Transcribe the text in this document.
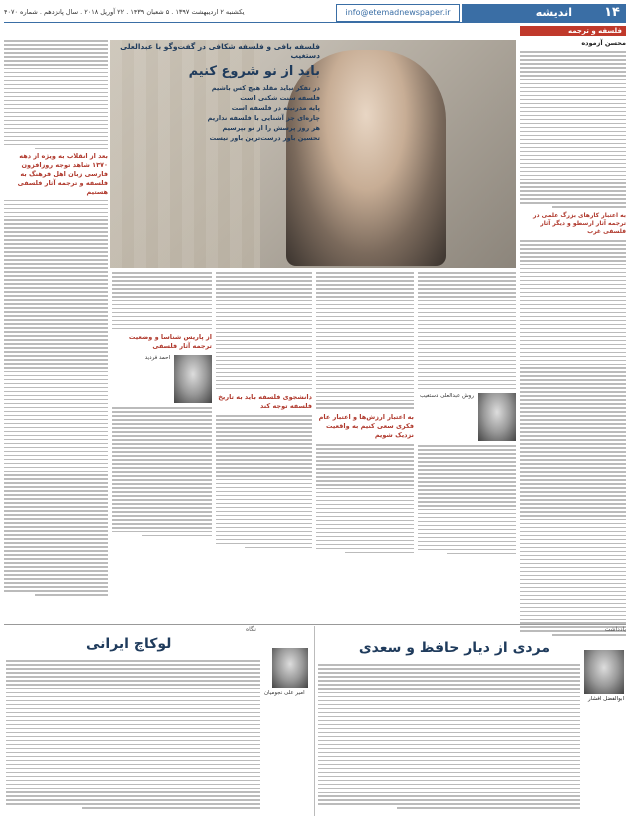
۱۴
اندیشه
info@etemadnewspaper.ir
یکشنبه ۲ اردیبهشت ۱۳۹۷ . ۵ شعبان ۱۴۳۹ . ۲۲ آوریل ۲۰۱۸ . سال پانزدهم . شماره ۴۰۷۰
فلسفه و ترجمه
محسن آزموده
به اعتبار کارهای بزرگ علمی در ترجمه آثار ارسطو و دیگر آثار فلسفی غرب
فلسفه بافی و فلسفه شکافی در گفت‌وگو با عبدالعلی دستغیب
باید از نو شروع کنیم
در تفکر نباید مقلد هیچ کس باشیم
فلسفه سنت شکنی است
پایه مدرنیته در فلسفه است
چاره‌ای جز آشنایی با فلسفه نداریم
هر روز پرسش را از نو بپرسیم
تحسین باور درست‌ترین باور نیست
بعد از انقلاب به ویژه از دهه ۱۳۷۰ شاهد توجه روزافزون فارسی زبان اهل فرهنگ به فلسفه و ترجمه آثار فلسفی هستیم
از پاریس شناسا و وضعیت ترجمه آثار فلسفی
احمد فردید
دانشجوی فلسفه باید به تاریخ فلسفه توجه کند
به اعتبار ارزش‌ها و اعتبار عام فکری سعی کنیم به واقعیت نزدیک شویم
روش عبدالعلی دستغیب
یادداشت
نگاه
مردی از دیار حافظ و سعدی
لوکاچ ایرانی
ابوالفضل افشار
امیر علی نجومیان
